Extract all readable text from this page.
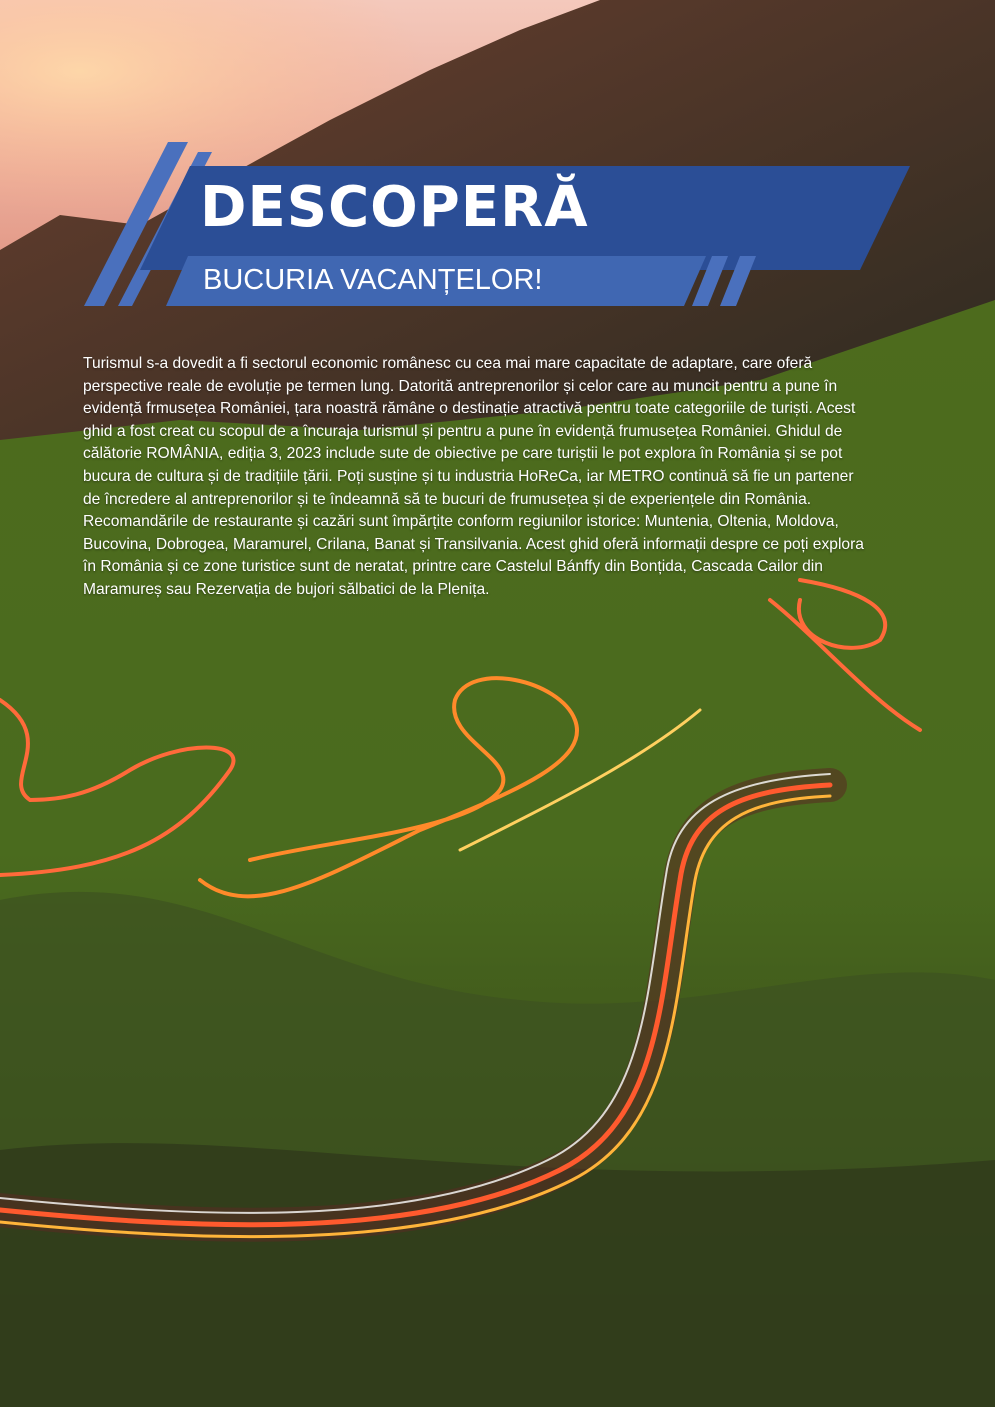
DESCOPERĂ
BUCURIA VACANȚELOR!

Turismul s-a dovedit a fi sectorul economic românesc cu cea mai mare capacitate de adaptare, care oferă perspective reale de evoluție pe termen lung. Datorită antreprenorilor și celor care au muncit pentru a pune în evidență frmusețea României, țara noastră rămâne o destinație atractivă pentru toate categoriile de turiști. Acest ghid a fost creat cu scopul de a încuraja turismul și pentru a pune în evidență frumusețea României. Ghidul de călătorie ROMÂNIA, ediția 3, 2023 include sute de obiective pe care turiștii le pot explora în România și se pot bucura de cultura și de tradițiile țării. Poți susține și tu industria HoReCa, iar METRO continuă să fie un partener de încredere al antreprenorilor și te îndeamnă să te bucuri de frumusețea și de experiențele din România. Recomandările de restaurante și cazări sunt împărțite conform regiunilor istorice: Muntenia, Oltenia, Moldova, Bucovina, Dobrogea, Maramurel, Crilana, Banat și Transilvania. Acest ghid oferă informații despre ce poți explora în România și ce zone turistice sunt de neratat, printre care Castelul Bánffy din Bonțida, Cascada Cailor din Maramureș sau Rezervația de bujori sălbatici de la Plenița.
